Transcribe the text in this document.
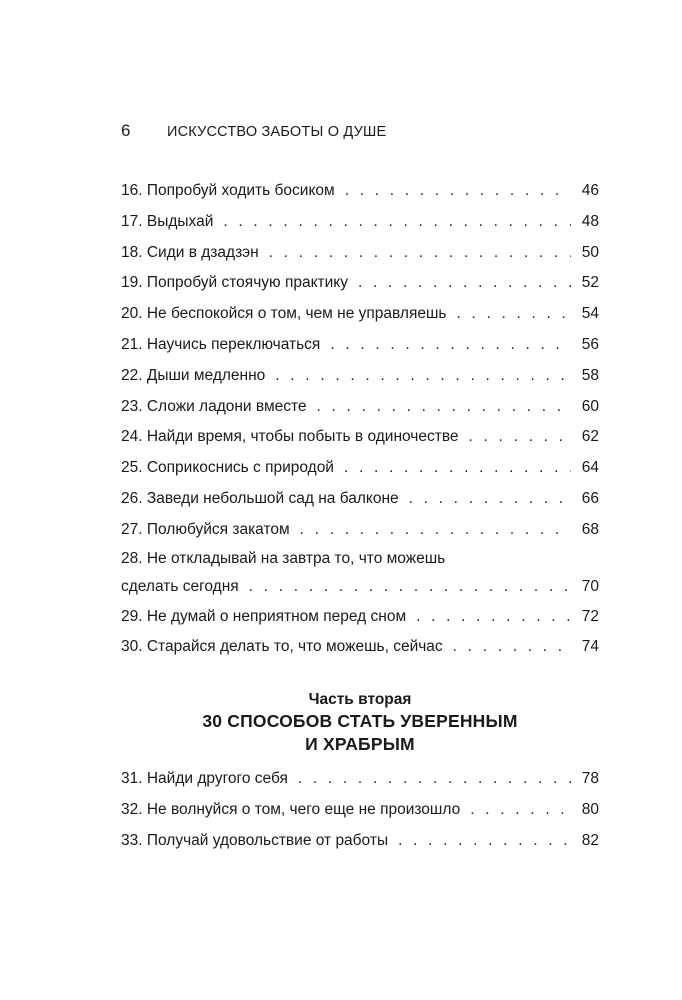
6	ИСКУССТВО ЗАБОТЫ О ДУШЕ
16. Попробуй ходить босиком . . .	46
17. Выдыхай . . .	48
18. Сиди в дзадзэн . . .	50
19. Попробуй стоячую практику . . .	52
20. Не беспокойся о том, чем не управляешь . . .	54
21. Научись переключаться . . .	56
22. Дыши медленно . . .	58
23. Сложи ладони вместе . . .	60
24. Найди время, чтобы побыть в одиночестве . . .	62
25. Соприкоснись с природой . . .	64
26. Заведи небольшой сад на балконе . . .	66
27. Полюбуйся закатом . . .	68
28. Не откладывай на завтра то, что можешь
сделать сегодня . . .	70
29. Не думай о неприятном перед сном . . .	72
30. Старайся делать то, что можешь, сейчас . . .	74
Часть вторая
30 СПОСОБОВ СТАТЬ УВЕРЕННЫМ
И ХРАБРЫМ
31. Найди другого себя . . .	78
32. Не волнуйся о том, чего еще не произошло . . .	80
33. Получай удовольствие от работы . . .	82
